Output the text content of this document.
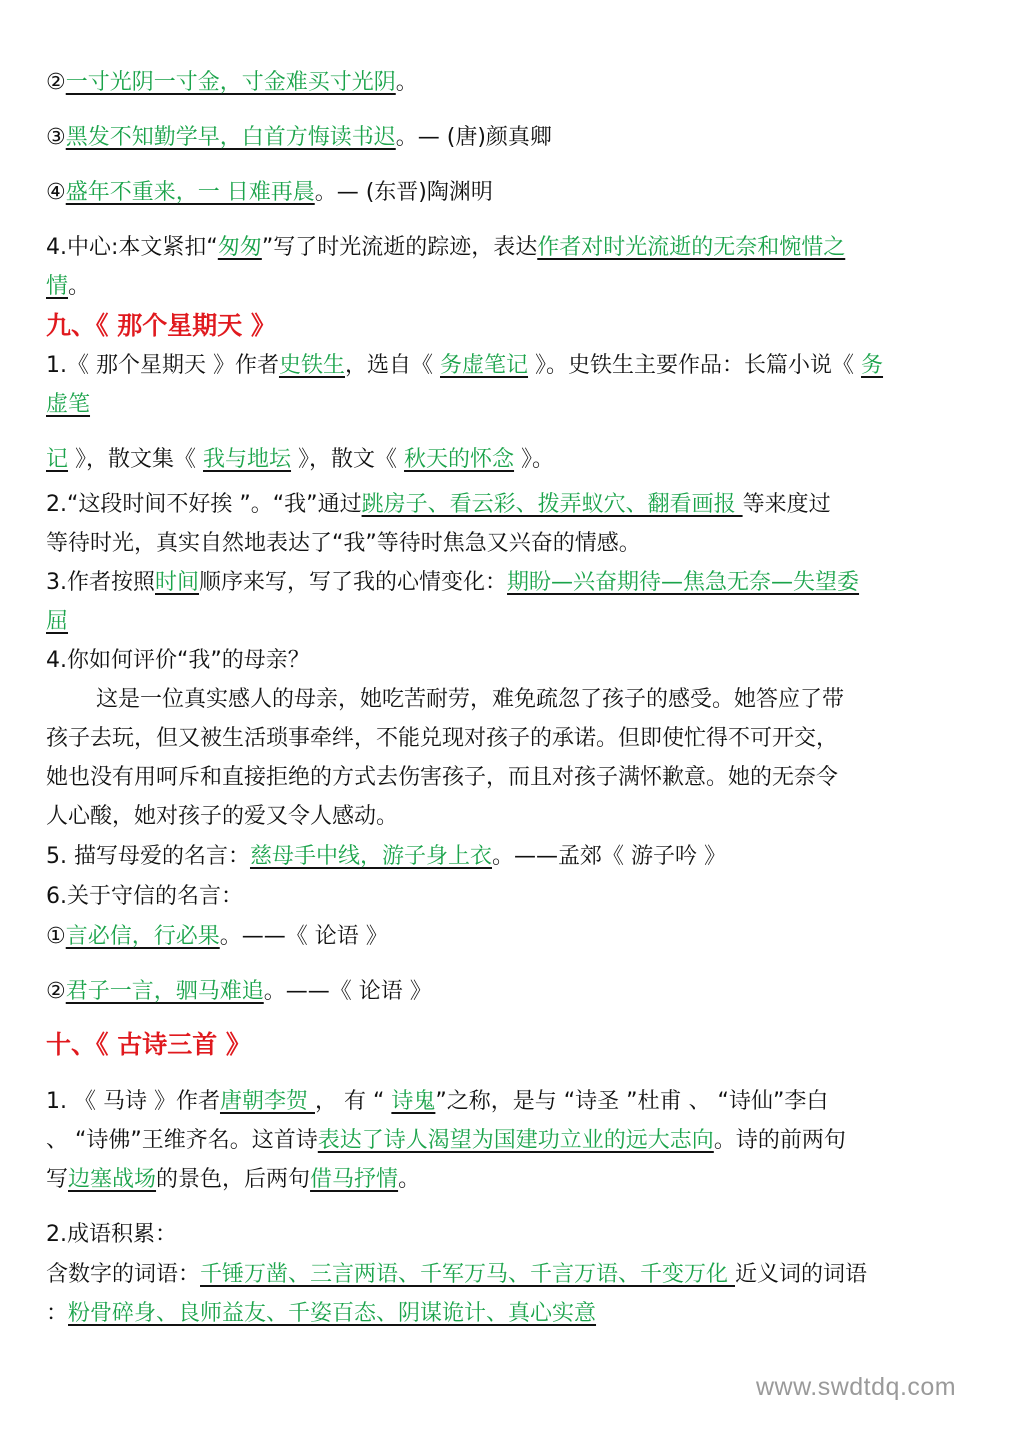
②一寸光阴一寸金，寸金难买寸光阴。
③黑发不知勤学早，白首方悔读书迟。— (唐)颜真卿
④盛年不重来，一 日难再晨。— (东晋)陶渊明
4.中心:本文紧扣“匆匆”写了时光流逝的踪迹，表达作者对时光流逝的无奈和惋惜之
情。
九、《 那个星期天 》
1.《 那个星期天 》作者史铁生，选自《 务虚笔记 》。史铁生主要作品：长篇小说《 务
虚笔
记 》，散文集《 我与地坛 》，散文《 秋天的怀念 》。
2.“这段时间不好挨 ”。“我”通过跳房子、看云彩、拨弄蚁穴、翻看画报 等来度过
等待时光，真实自然地表达了“我”等待时焦急又兴奋的情感。
3.作者按照时间顺序来写，写了我的心情变化：期盼—兴奋期待—焦急无奈—失望委
屈
4.你如何评价“我”的母亲？
这是一位真实感人的母亲，她吃苦耐劳，难免疏忽了孩子的感受。她答应了带
孩子去玩，但又被生活琐事牵绊，不能兑现对孩子的承诺。但即使忙得不可开交，
她也没有用呵斥和直接拒绝的方式去伤害孩子，而且对孩子满怀歉意。她的无奈令
人心酸，她对孩子的爱又令人感动。
5. 描写母爱的名言：慈母手中线，游子身上衣。——孟郊《 游子吟 》
6.关于守信的名言：
①言必信，行必果。——《 论语 》
②君子一言，驷马难追。——《 论语 》
十、《 古诗三首 》
1. 《 马诗 》作者唐朝李贺 ， 有 “ 诗鬼”之称，是与 “诗圣 ”杜甫 、 “诗仙”李白
、 “诗佛”王维齐名。这首诗表达了诗人渴望为国建功立业的远大志向。诗的前两句
写边塞战场的景色，后两句借马抒情。
2.成语积累：
含数字的词语：千锤万凿、三言两语、千军万马、千言万语、千变万化 近义词的词语
：粉骨碎身、良师益友、千姿百态、阴谋诡计、真心实意
www.swdtdq.com
